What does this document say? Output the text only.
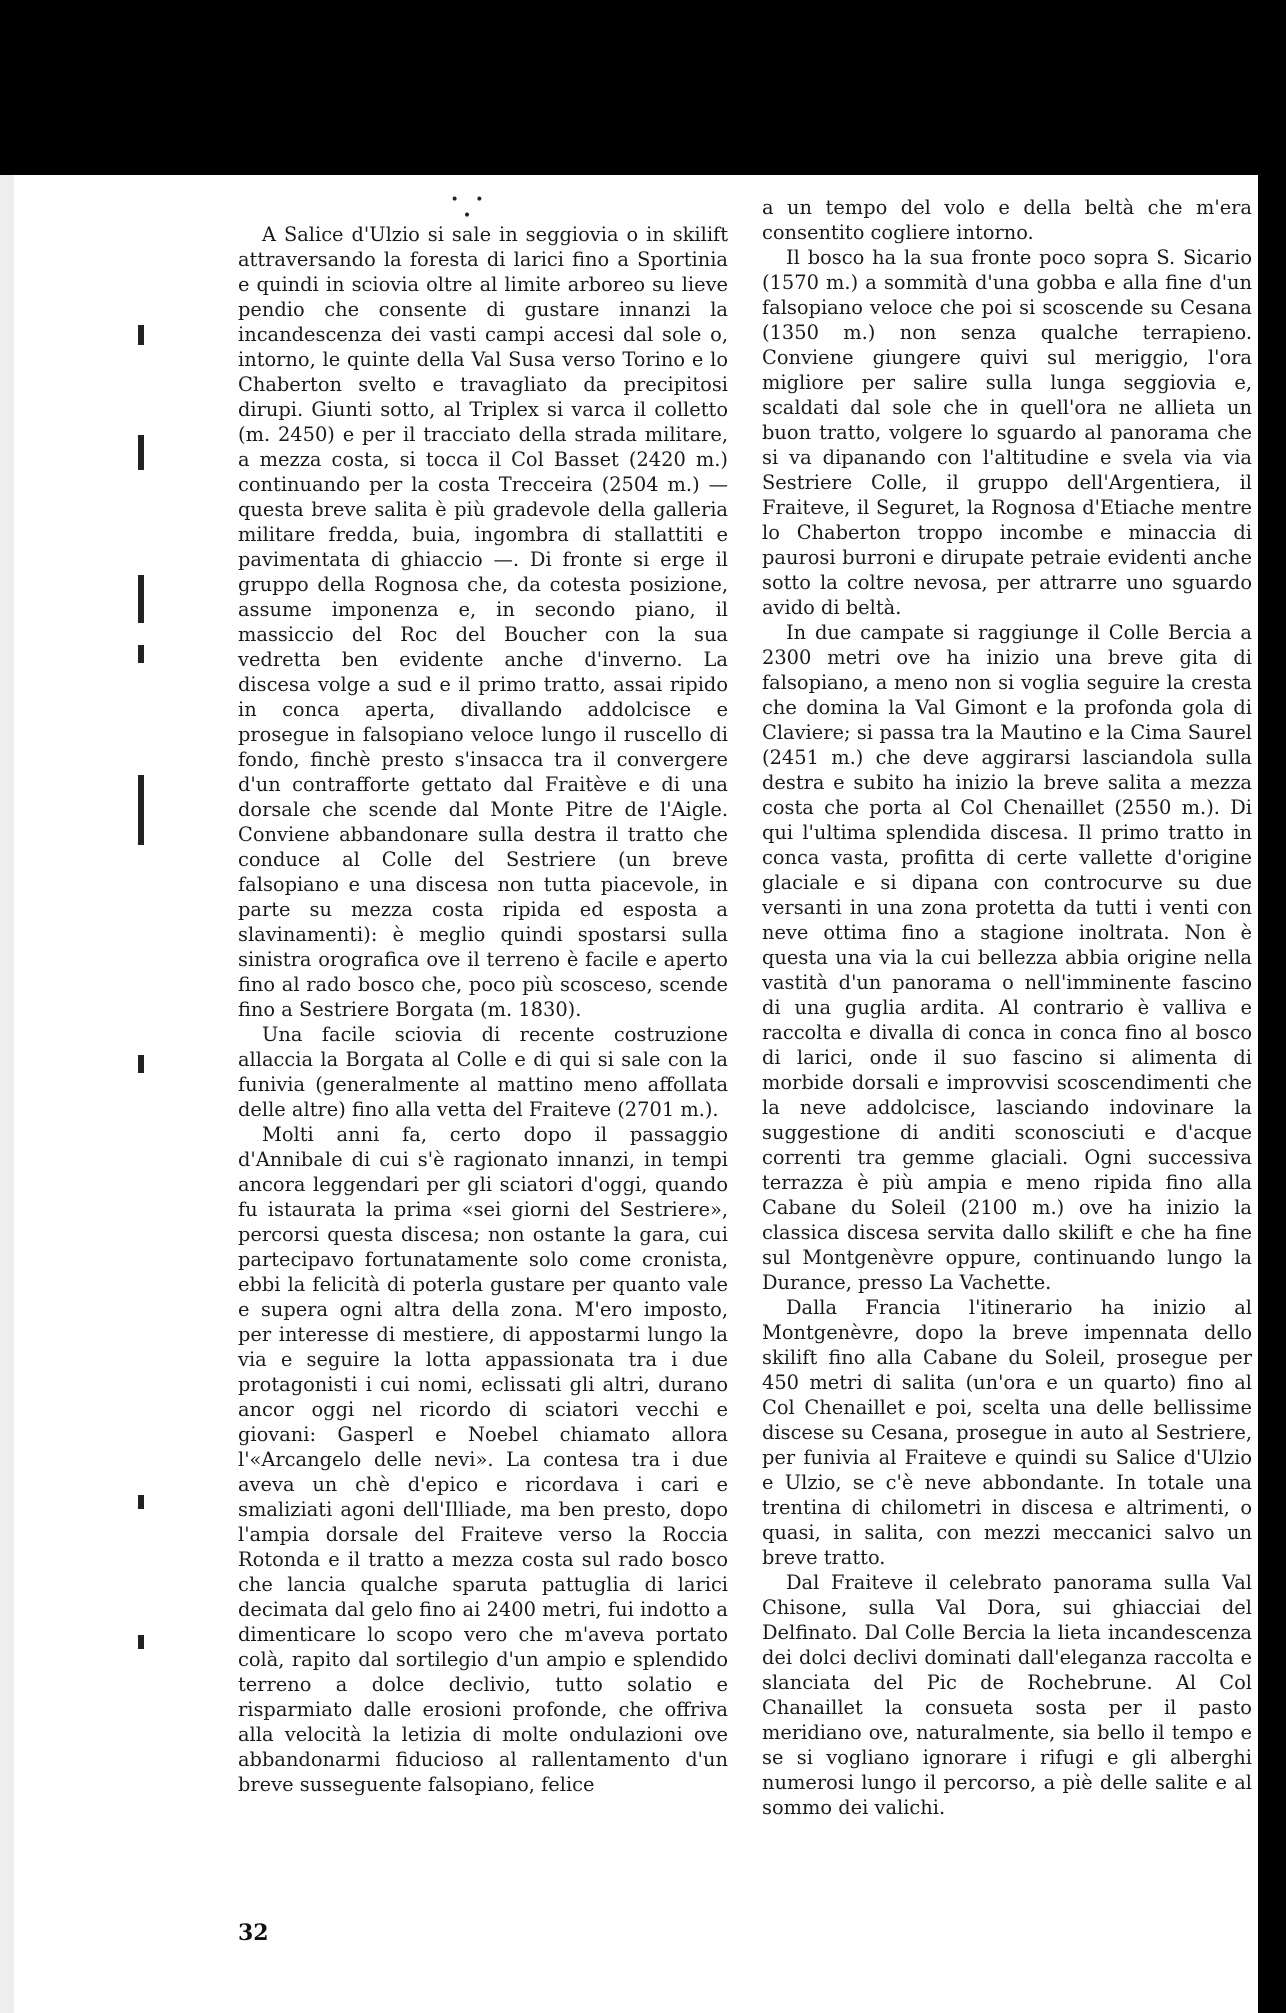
• • •

A Salice d'Ulzio si sale in seggiovia o in skilift attraversando la foresta di larici fino a Sportinia e quindi in sciovia oltre al limite arboreo su lieve pendio che consente di gustare innanzi la incandescenza dei vasti campi accesi dal sole o, intorno, le quinte della Val Susa verso Torino e lo Chaberton svelto e travagliato da precipitosi dirupi. Giunti sotto, al Triplex si varca il colletto (m. 2450) e per il tracciato della strada militare, a mezza costa, si tocca il Col Basset (2420 m.) continuando per la costa Trecceira (2504 m.) — questa breve salita è più gradevole della galleria militare fredda, buia, ingombra di stallattiti e pavimentata di ghiaccio —. Di fronte si erge il gruppo della Rognosa che, da cotesta posizione, assume imponenza e, in secondo piano, il massiccio del Roc del Boucher con la sua vedretta ben evidente anche d'inverno. La discesa volge a sud e il primo tratto, assai ripido in conca aperta, divallando addolcisce e prosegue in falsopiano veloce lungo il ruscello di fondo, finchè presto s'insacca tra il convergere d'un contrafforte gettato dal Fraitève e di una dorsale che scende dal Monte Pitre de l'Aigle. Conviene abbandonare sulla destra il tratto che conduce al Colle del Sestriere (un breve falsopiano e una discesa non tutta piacevole, in parte su mezza costa ripida ed esposta a slavinamenti): è meglio quindi spostarsi sulla sinistra orografica ove il terreno è facile e aperto fino al rado bosco che, poco più scosceso, scende fino a Sestriere Borgata (m. 1830).

Una facile sciovia di recente costruzione allaccia la Borgata al Colle e di qui si sale con la funivia (generalmente al mattino meno affollata delle altre) fino alla vetta del Fraiteve (2701 m.).

Molti anni fa, certo dopo il passaggio d'Annibale di cui s'è ragionato innanzi, in tempi ancora leggendari per gli sciatori d'oggi, quando fu istaurata la prima «sei giorni del Sestriere», percorsi questa discesa; non ostante la gara, cui partecipavo fortunatamente solo come cronista, ebbi la felicità di poterla gustare per quanto vale e supera ogni altra della zona. M'ero imposto, per interesse di mestiere, di appostarmi lungo la via e seguire la lotta appassionata tra i due protagonisti i cui nomi, eclissati gli altri, durano ancor oggi nel ricordo di sciatori vecchi e giovani: Gasperl e Noebel chiamato allora l'«Arcangelo delle nevi». La contesa tra i due aveva un chè d'epico e ricordava i cari e smaliziati agoni dell'Illiade, ma ben presto, dopo l'ampia dorsale del Fraiteve verso la Roccia Rotonda e il tratto a mezza costa sul rado bosco che lancia qualche sparuta pattuglia di larici decimata dal gelo fino ai 2400 metri, fui indotto a dimenticare lo scopo vero che m'aveva portato colà, rapito dal sortilegio d'un ampio e splendido terreno a dolce declivio, tutto solatio e risparmiato dalle erosioni profonde, che offriva alla velocità la letizia di molte ondulazioni ove abbandonarmi fiducioso al rallentamento d'un breve susseguente falsopiano, felice

a un tempo del volo e della beltà che m'era consentito cogliere intorno.

Il bosco ha la sua fronte poco sopra S. Sicario (1570 m.) a sommità d'una gobba e alla fine d'un falsopiano veloce che poi si scoscende su Cesana (1350 m.) non senza qualche terrapieno. Conviene giungere quivi sul meriggio, l'ora migliore per salire sulla lunga seggiovia e, scaldati dal sole che in quell'ora ne allieta un buon tratto, volgere lo sguardo al panorama che si va dipanando con l'altitudine e svela via via Sestriere Colle, il gruppo dell'Argentiera, il Fraiteve, il Seguret, la Rognosa d'Etiache mentre lo Chaberton troppo incombe e minaccia di paurosi burroni e dirupate petraie evidenti anche sotto la coltre nevosa, per attrarre uno sguardo avido di beltà.

In due campate si raggiunge il Colle Bercia a 2300 metri ove ha inizio una breve gita di falsopiano, a meno non si voglia seguire la cresta che domina la Val Gimont e la profonda gola di Claviere; si passa tra la Mautino e la Cima Saurel (2451 m.) che deve aggirarsi lasciandola sulla destra e subito ha inizio la breve salita a mezza costa che porta al Col Chenaillet (2550 m.). Di qui l'ultima splendida discesa. Il primo tratto in conca vasta, profitta di certe vallette d'origine glaciale e si dipana con controcurve su due versanti in una zona protetta da tutti i venti con neve ottima fino a stagione inoltrata. Non è questa una via la cui bellezza abbia origine nella vastità d'un panorama o nell'imminente fascino di una guglia ardita. Al contrario è valliva e raccolta e divalla di conca in conca fino al bosco di larici, onde il suo fascino si alimenta di morbide dorsali e improvvisi scoscendimenti che la neve addolcisce, lasciando indovinare la suggestione di anditi sconosciuti e d'acque correnti tra gemme glaciali. Ogni successiva terrazza è più ampia e meno ripida fino alla Cabane du Soleil (2100 m.) ove ha inizio la classica discesa servita dallo skilift e che ha fine sul Montgenèvre oppure, continuando lungo la Durance, presso La Vachette.

Dalla Francia l'itinerario ha inizio al Montgenèvre, dopo la breve impennata dello skilift fino alla Cabane du Soleil, prosegue per 450 metri di salita (un'ora e un quarto) fino al Col Chenaillet e poi, scelta una delle bellissime discese su Cesana, prosegue in auto al Sestriere, per funivia al Fraiteve e quindi su Salice d'Ulzio e Ulzio, se c'è neve abbondante. In totale una trentina di chilometri in discesa e altrimenti, o quasi, in salita, con mezzi meccanici salvo un breve tratto.

Dal Fraiteve il celebrato panorama sulla Val Chisone, sulla Val Dora, sui ghiacciai del Delfinato. Dal Colle Bercia la lieta incandescenza dei dolci declivi dominati dall'eleganza raccolta e slanciata del Pic de Rochebrune. Al Col Chanaillet la consueta sosta per il pasto meridiano ove, naturalmente, sia bello il tempo e se si vogliano ignorare i rifugi e gli alberghi numerosi lungo il percorso, a piè delle salite e al sommo dei valichi.

32
